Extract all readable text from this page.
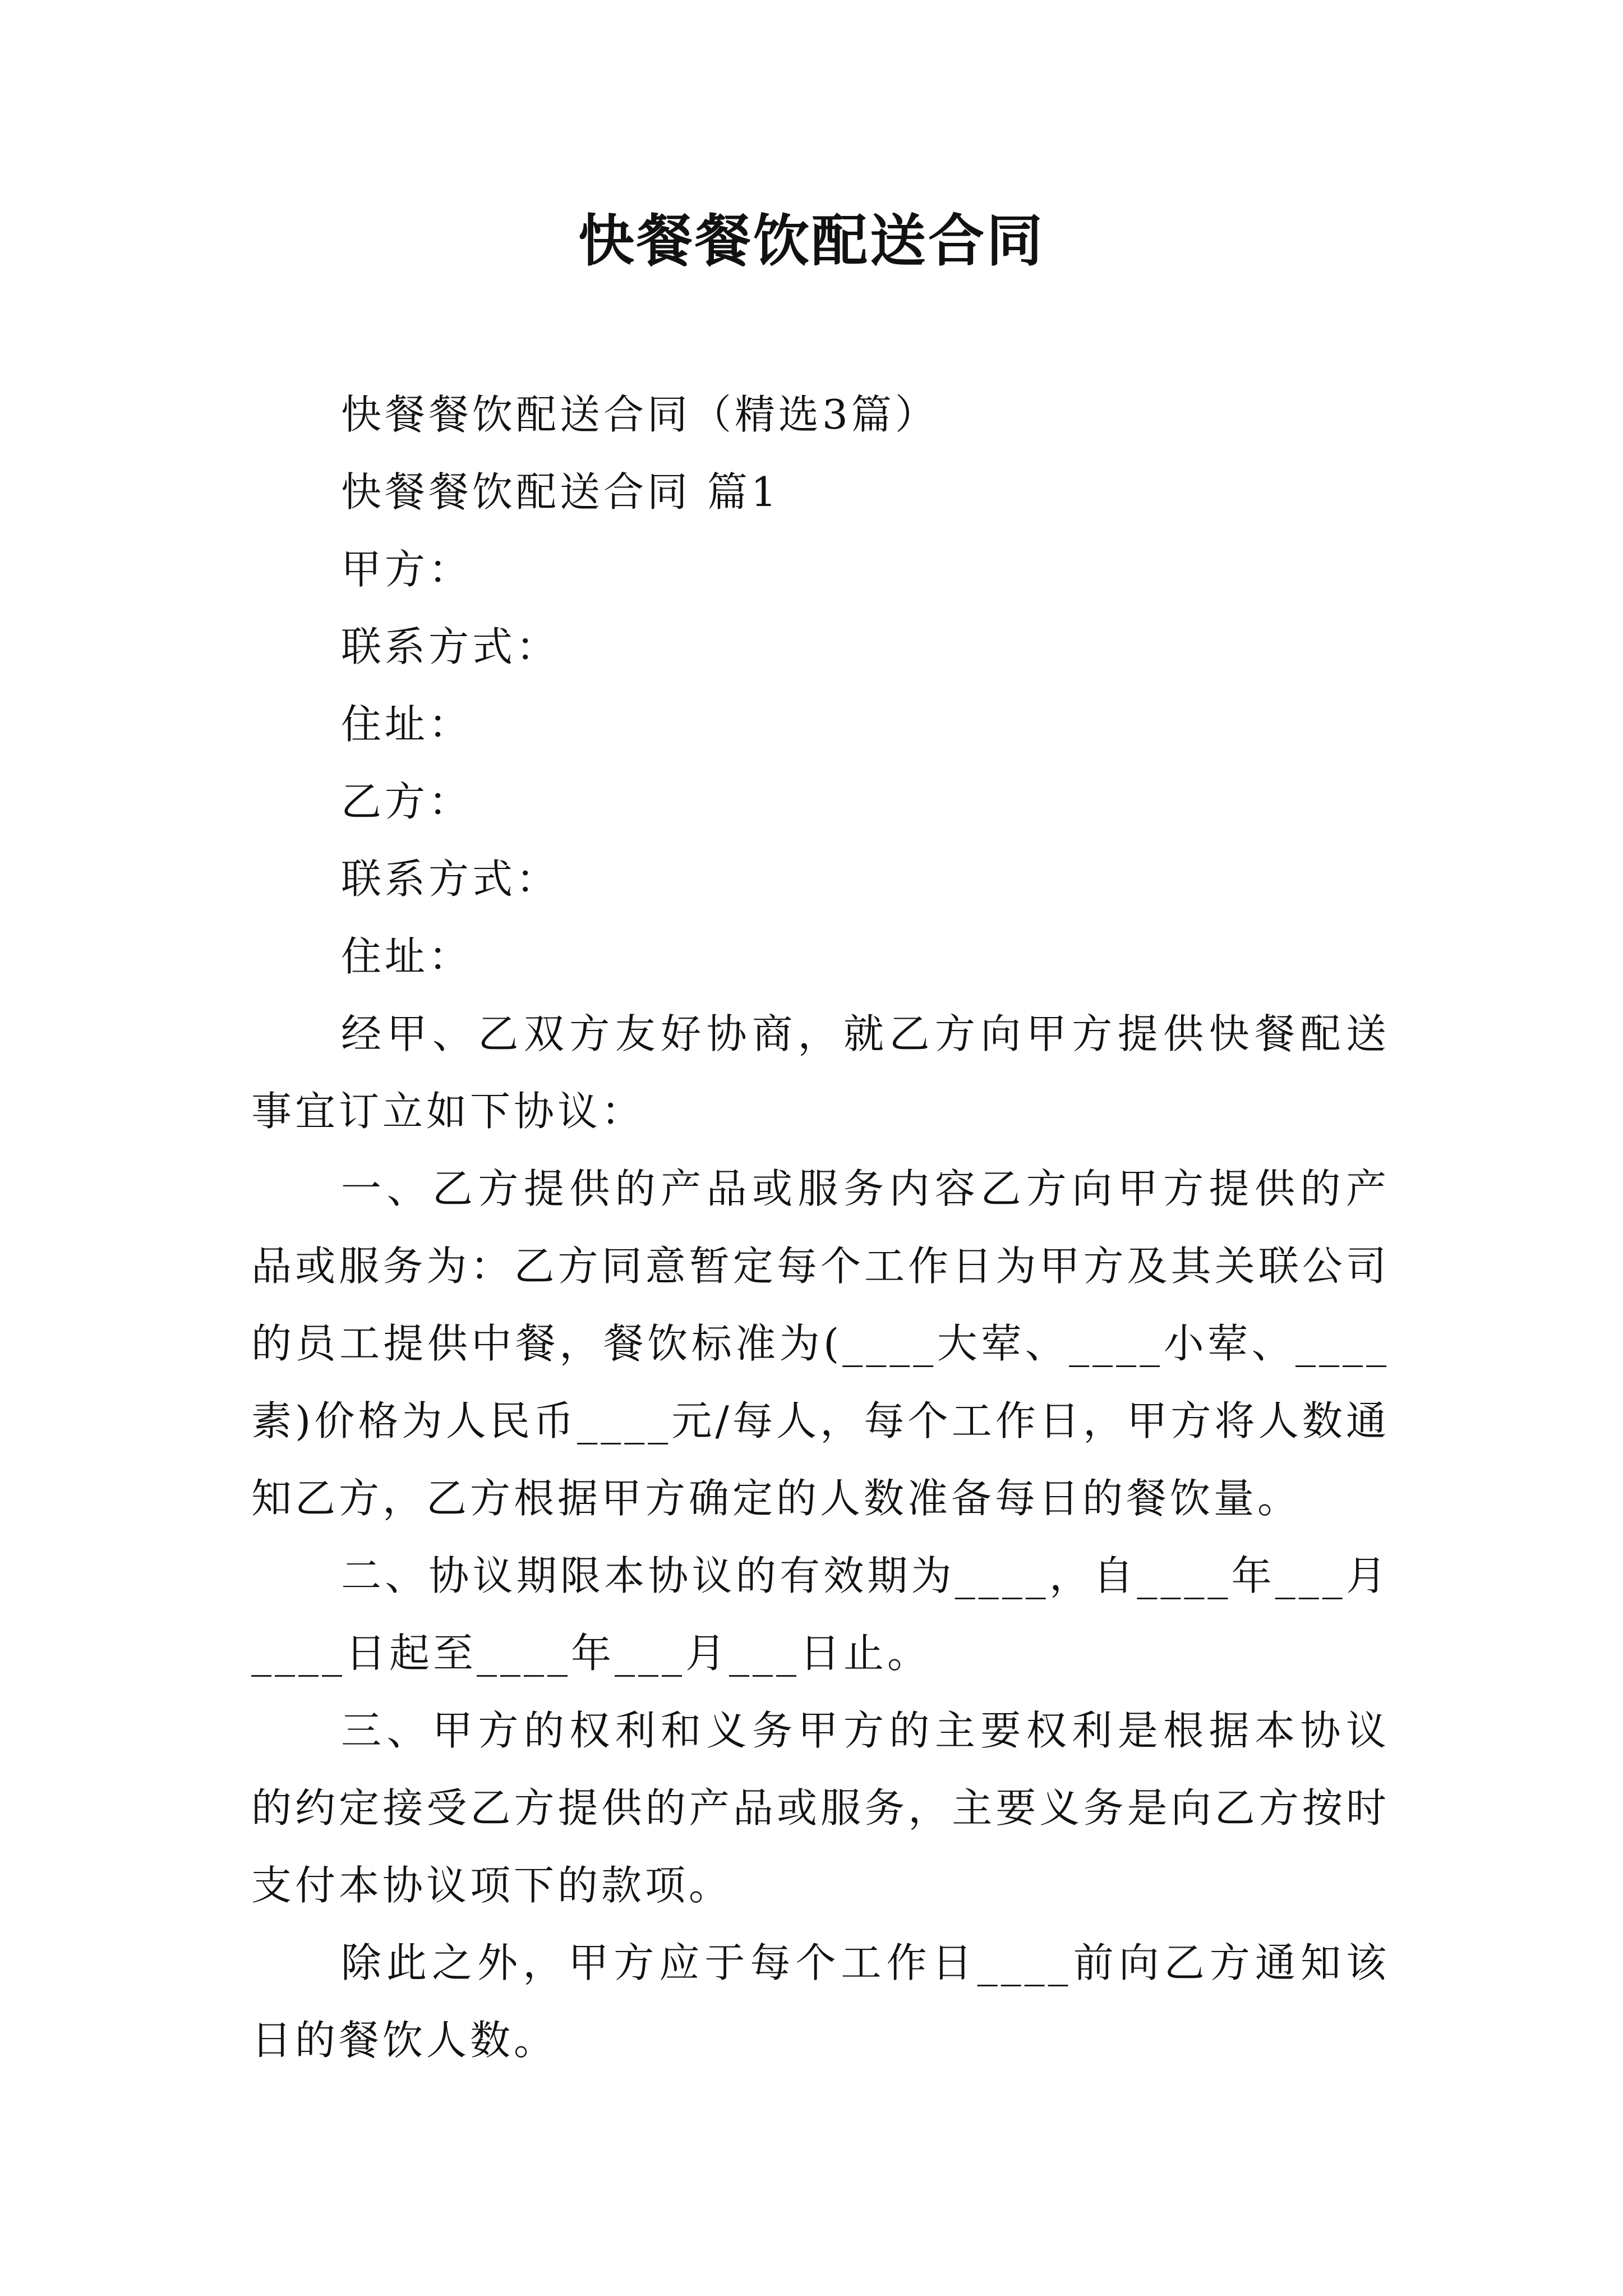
快餐餐饮配送合同

快餐餐饮配送合同（精选3篇）

快餐餐饮配送合同 篇1

甲方：

联系方式：

住址：

乙方：

联系方式：

住址：

经甲、乙双方友好协商，就乙方向甲方提供快餐配送事宜订立如下协议：

一、乙方提供的产品或服务内容乙方向甲方提供的产品或服务为：乙方同意暂定每个工作日为甲方及其关联公司的员工提供中餐，餐饮标准为(____大荤、____小荤、____素)价格为人民币____元/每人，每个工作日，甲方将人数通知乙方，乙方根据甲方确定的人数准备每日的餐饮量。

二、协议期限本协议的有效期为____，自____年___月____日起至____年___月___日止。

三、甲方的权利和义务甲方的主要权利是根据本协议的约定接受乙方提供的产品或服务，主要义务是向乙方按时支付本协议项下的款项。

除此之外，甲方应于每个工作日____前向乙方通知该日的餐饮人数。
